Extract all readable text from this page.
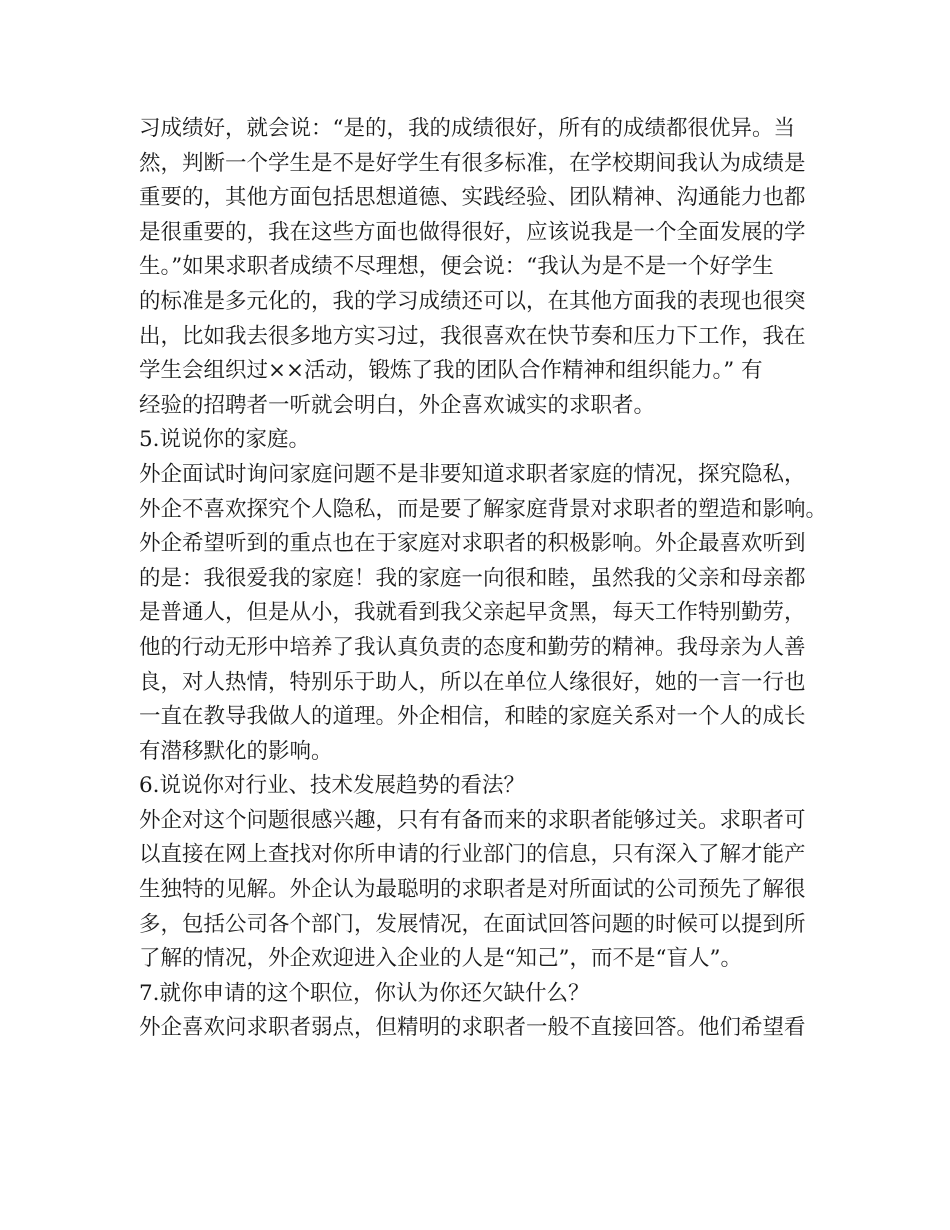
习成绩好，就会说：“是的，我的成绩很好，所有的成绩都很优异。当
然，判断一个学生是不是好学生有很多标准，在学校期间我认为成绩是
重要的，其他方面包括思想道德、实践经验、团队精神、沟通能力也都
是很重要的，我在这些方面也做得很好，应该说我是一个全面发展的学
生。”如果求职者成绩不尽理想，便会说：“我认为是不是一个好学生
的标准是多元化的，我的学习成绩还可以，在其他方面我的表现也很突
出，比如我去很多地方实习过，我很喜欢在快节奏和压力下工作，我在
学生会组织过××活动，锻炼了我的团队合作精神和组织能力。” 有
经验的招聘者一听就会明白，外企喜欢诚实的求职者。
5.说说你的家庭。
外企面试时询问家庭问题不是非要知道求职者家庭的情况，探究隐私，
外企不喜欢探究个人隐私，而是要了解家庭背景对求职者的塑造和影响。
外企希望听到的重点也在于家庭对求职者的积极影响。外企最喜欢听到
的是：我很爱我的家庭！我的家庭一向很和睦，虽然我的父亲和母亲都
是普通人，但是从小，我就看到我父亲起早贪黑，每天工作特别勤劳，
他的行动无形中培养了我认真负责的态度和勤劳的精神。我母亲为人善
良，对人热情，特别乐于助人，所以在单位人缘很好，她的一言一行也
一直在教导我做人的道理。外企相信，和睦的家庭关系对一个人的成长
有潜移默化的影响。
6.说说你对行业、技术发展趋势的看法？
外企对这个问题很感兴趣，只有有备而来的求职者能够过关。求职者可
以直接在网上查找对你所申请的行业部门的信息，只有深入了解才能产
生独特的见解。外企认为最聪明的求职者是对所面试的公司预先了解很
多，包括公司各个部门，发展情况，在面试回答问题的时候可以提到所
了解的情况，外企欢迎进入企业的人是“知己”，而不是“盲人”。
7.就你申请的这个职位，你认为你还欠缺什么？
外企喜欢问求职者弱点，但精明的求职者一般不直接回答。他们希望看
